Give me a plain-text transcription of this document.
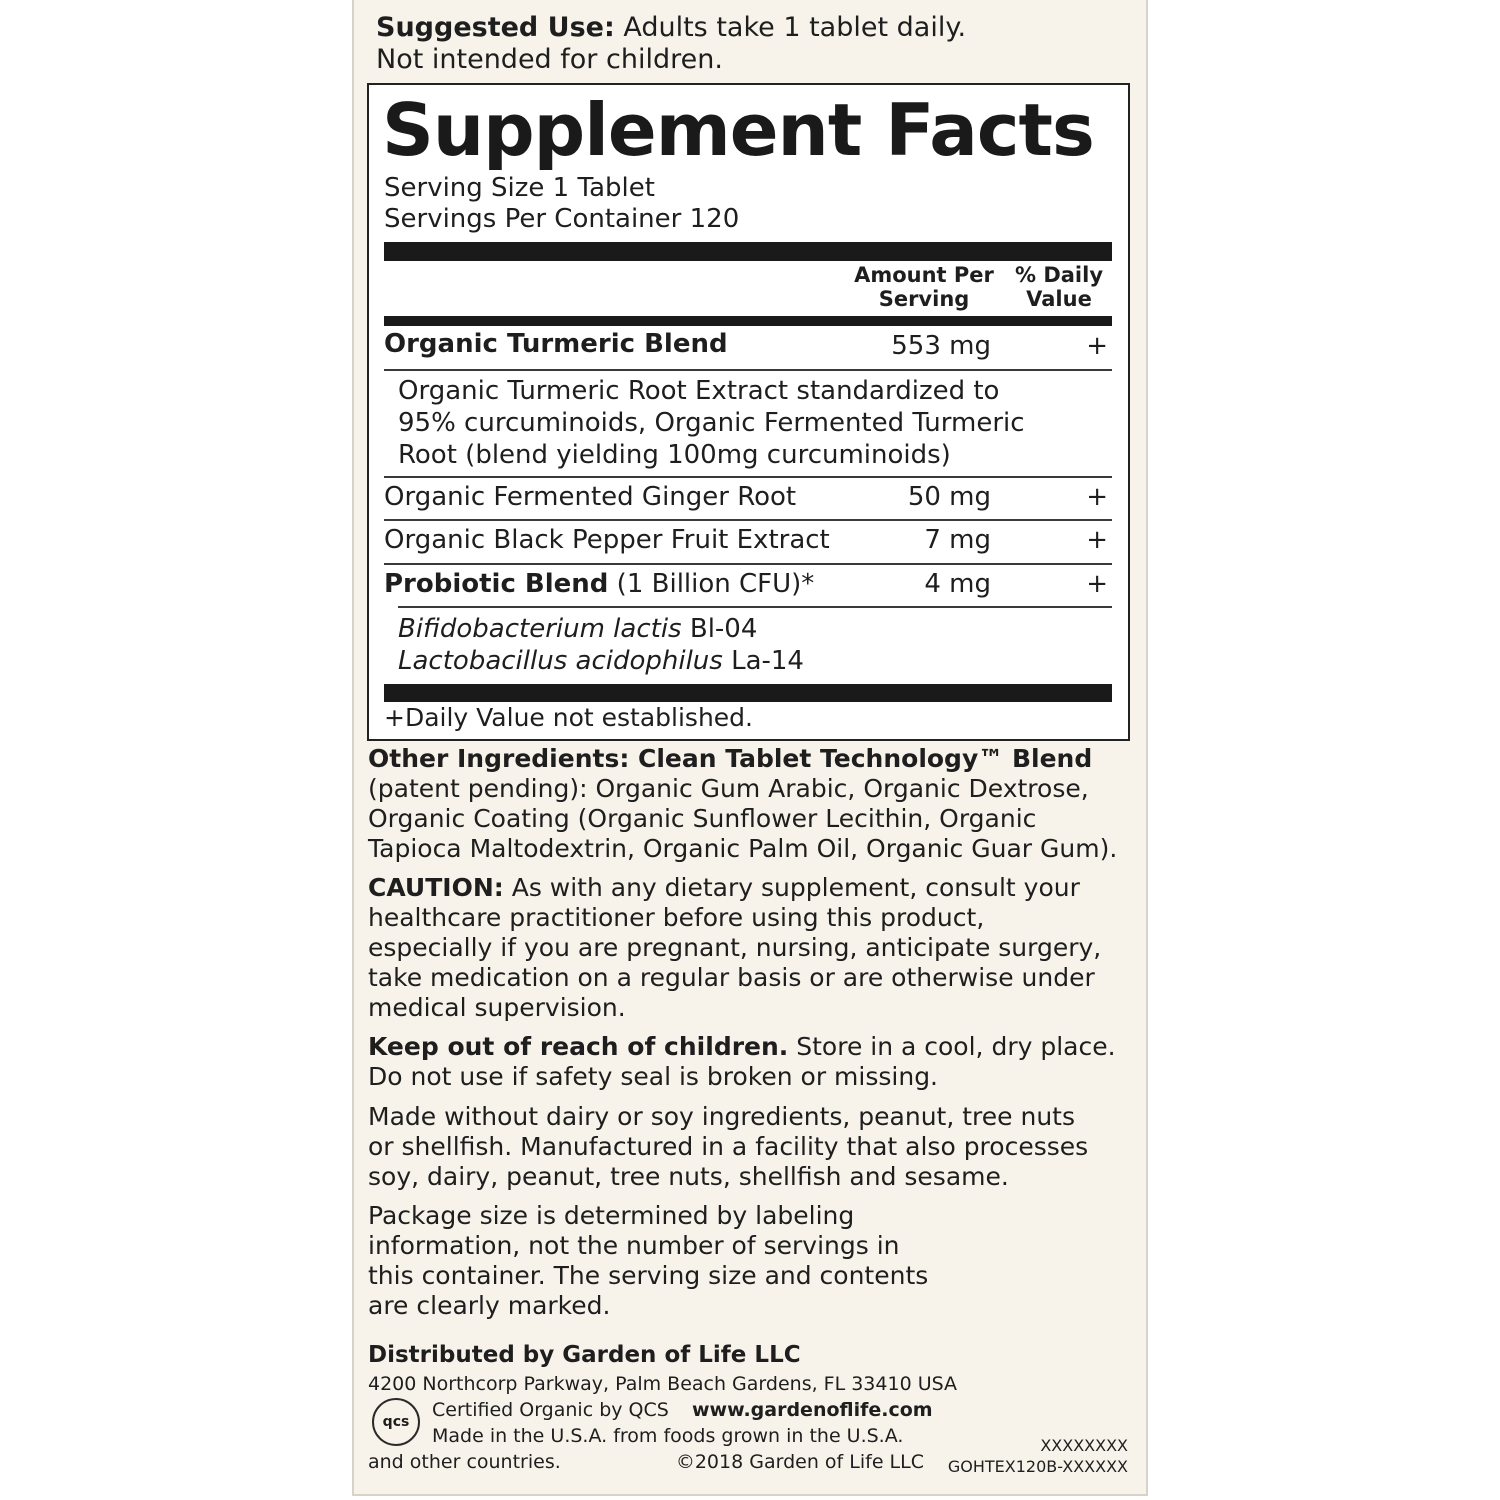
Suggested Use: Adults take 1 tablet daily.
Not intended for children.
Supplement Facts
Serving Size 1 Tablet
Servings Per Container 120
Amount Per
Serving
% Daily
Value
Organic Turmeric Blend	553 mg	+
Organic Turmeric Root Extract standardized to
95% curcuminoids, Organic Fermented Turmeric
Root (blend yielding 100mg curcuminoids)
Organic Fermented Ginger Root	50 mg	+
Organic Black Pepper Fruit Extract	7 mg	+
Probiotic Blend (1 Billion CFU)*	4 mg	+
Bifidobacterium lactis Bl-04
Lactobacillus acidophilus La-14
+Daily Value not established.
Other Ingredients: Clean Tablet Technology™ Blend
(patent pending): Organic Gum Arabic, Organic Dextrose,
Organic Coating (Organic Sunflower Lecithin, Organic
Tapioca Maltodextrin, Organic Palm Oil, Organic Guar Gum).
CAUTION: As with any dietary supplement, consult your
healthcare practitioner before using this product,
especially if you are pregnant, nursing, anticipate surgery,
take medication on a regular basis or are otherwise under
medical supervision.
Keep out of reach of children. Store in a cool, dry place.
Do not use if safety seal is broken or missing.
Made without dairy or soy ingredients, peanut, tree nuts
or shellfish. Manufactured in a facility that also processes
soy, dairy, peanut, tree nuts, shellfish and sesame.
Package size is determined by labeling
information, not the number of servings in
this container. The serving size and contents
are clearly marked.
Distributed by Garden of Life LLC
4200 Northcorp Parkway, Palm Beach Gardens, FL 33410 USA
qcs
Certified Organic by QCS www.gardenoflife.com
Made in the U.S.A. from foods grown in the U.S.A.
and other countries.	©2018 Garden of Life LLC
XXXXXXXX
GOHTEX120B-XXXXXX
